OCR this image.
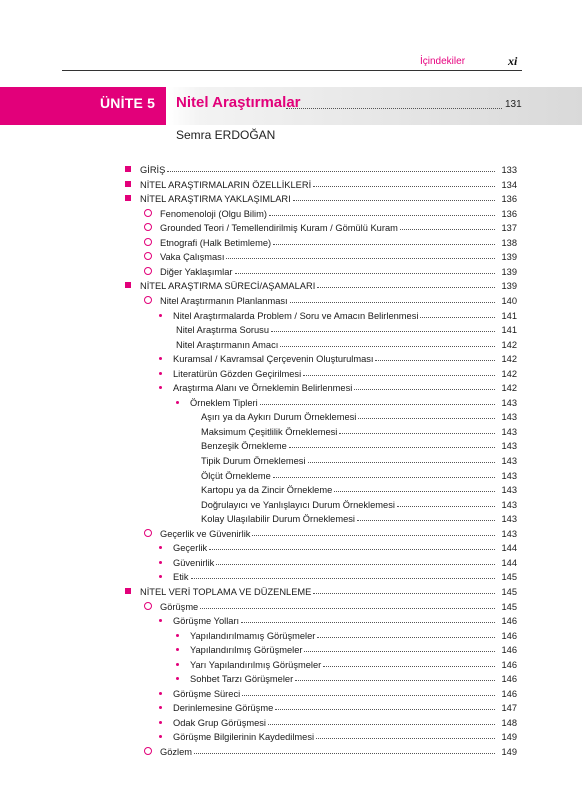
İçindekiler	xi
ÜNİTE 5 Nitel Araştırmalar	131
Semra ERDOĞAN
GİRİŞ	133
NİTEL ARAŞTIRMALARIN ÖZELLİKLERİ	134
NİTEL ARAŞTIRMA YAKLAŞIMLARI	136
Fenomenoloji (Olgu Bilim)	136
Grounded Teori / Temellendirilmiş Kuram / Gömülü Kuram	137
Etnografi (Halk Betimleme)	138
Vaka Çalışması	139
Diğer Yaklaşımlar	139
NİTEL ARAŞTIRMA SÜRECİ/AŞAMALARI	139
Nitel Araştırmanın Planlanması	140
Nitel Araştırmalarda Problem / Soru ve Amacın Belirlenmesi	141
Nitel Araştırma Sorusu	141
Nitel Araştırmanın Amacı	142
Kuramsal / Kavramsal Çerçevenin Oluşturulması	142
Literatürün Gözden Geçirilmesi	142
Araştırma Alanı ve Örneklemin Belirlenmesi	142
Örneklem Tipleri	143
Aşırı ya da Aykırı Durum Örneklemesi	143
Maksimum Çeşitlilik Örneklemesi	143
Benzeşik Örnekleme	143
Tipik Durum Örneklemesi	143
Ölçüt Örnekleme	143
Kartopu ya da Zincir Örnekleme	143
Doğrulayıcı ve Yanlışlayıcı Durum Örneklemesi	143
Kolay Ulaşılabilir Durum Örneklemesi	143
Geçerlik ve Güvenirlik	143
Geçerlik	144
Güvenirlik	144
Etik	145
NİTEL VERİ TOPLAMA VE DÜZENLEME	145
Görüşme	145
Görüşme Yolları	146
Yapılandırılmamış Görüşmeler	146
Yapılandırılmış Görüşmeler	146
Yarı Yapılandırılmış Görüşmeler	146
Sohbet Tarzı Görüşmeler	146
Görüşme Süreci	146
Derinlemesine Görüşme	147
Odak Grup Görüşmesi	148
Görüşme Bilgilerinin Kaydedilmesi	149
Gözlem	149
